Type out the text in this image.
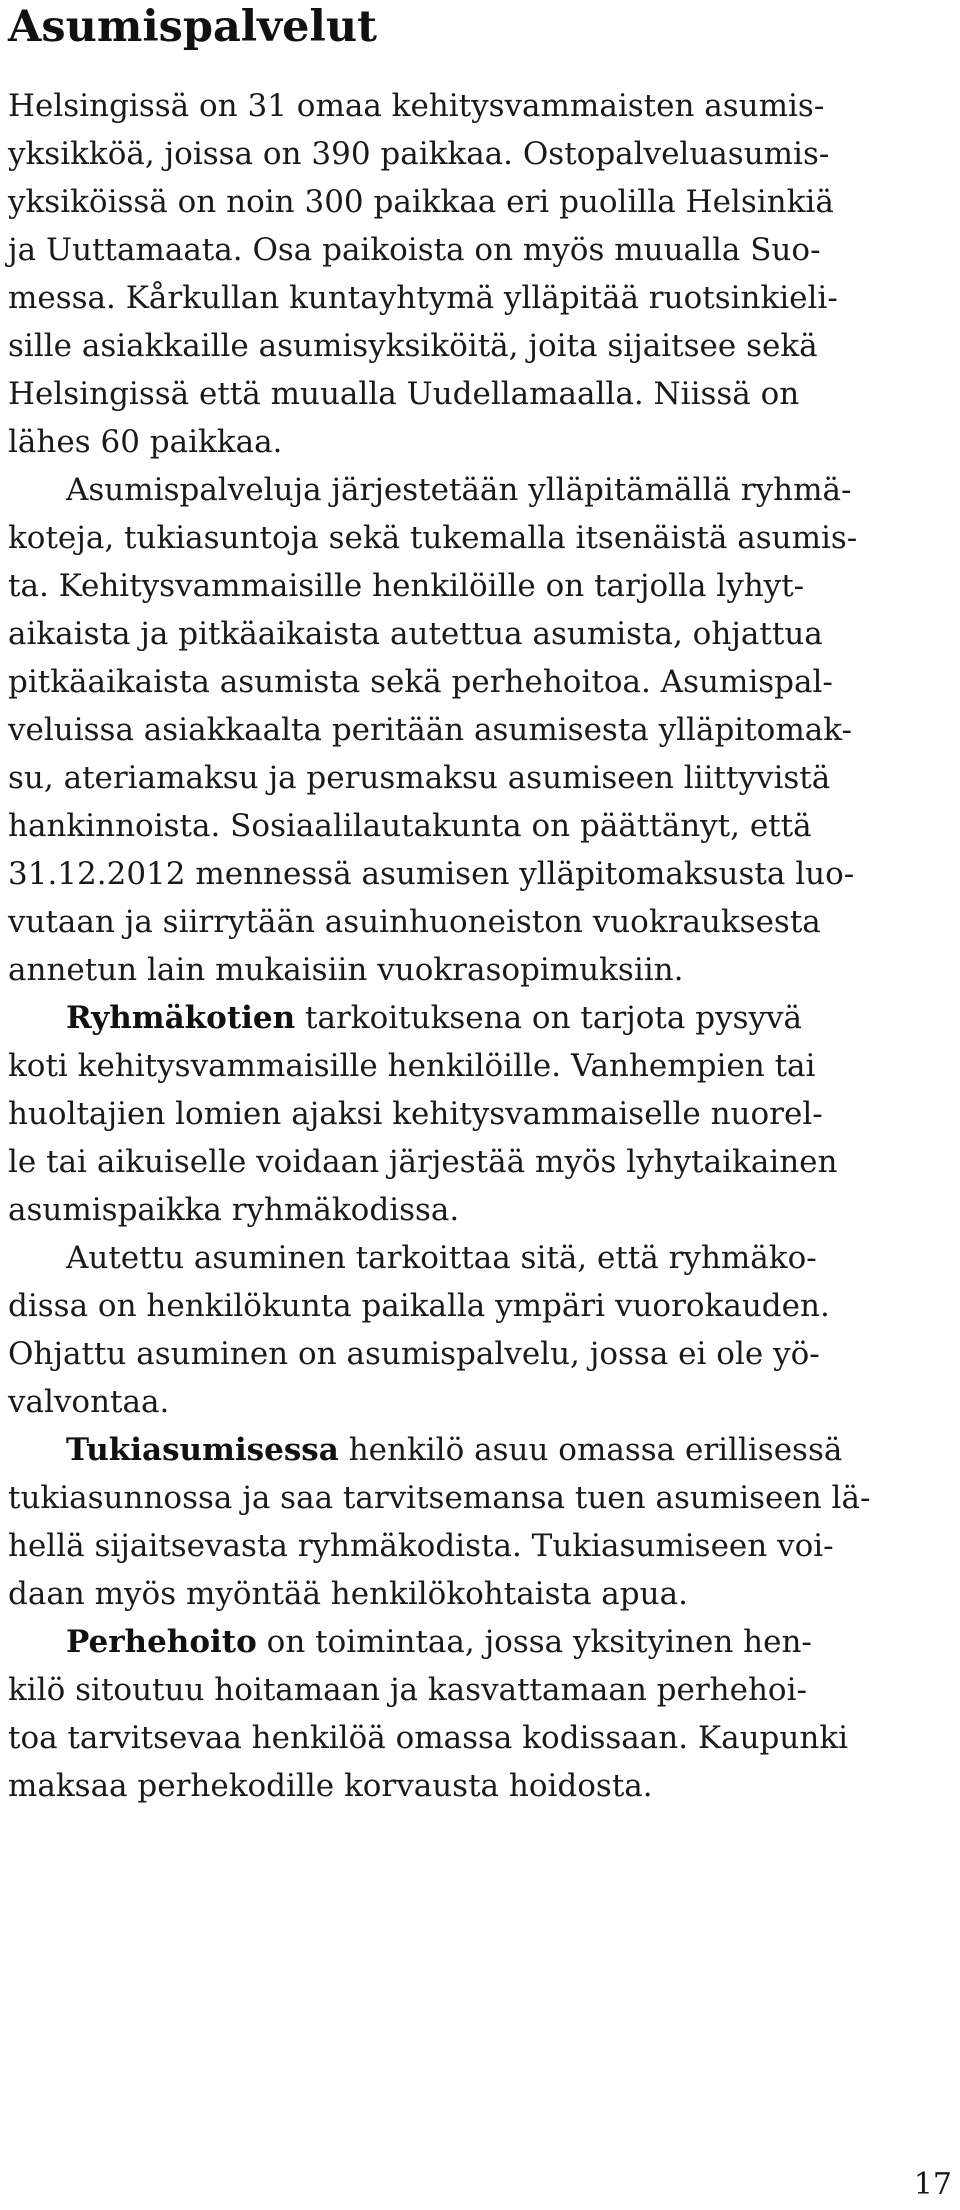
Asumispalvelut
Helsingissä on 31 omaa kehitysvammaisten asumis-
yksikköä, joissa on 390 paikkaa. Ostopalveluasumis-
yksiköissä on noin 300 paikkaa eri puolilla Helsinkiä
ja Uuttamaata. Osa paikoista on myös muualla Suo-
messa. Kårkullan kuntayhtymä ylläpitää ruotsinkieli-
sille asiakkaille asumisyksiköitä, joita sijaitsee sekä
Helsingissä että muualla Uudellamaalla. Niissä on
lähes 60 paikkaa.
Asumispalveluja järjestetään ylläpitämällä ryhmä-
koteja, tukiasuntoja sekä tukemalla itsenäistä asumis-
ta. Kehitysvammaisille henkilöille on tarjolla lyhyt-
aikaista ja pitkäaikaista autettua asumista, ohjattua
pitkäaikaista asumista sekä perhehoitoa. Asumispal-
veluissa asiakkaalta peritään asumisesta ylläpitomak-
su, ateriamaksu ja perusmaksu asumiseen liittyvistä
hankinnoista. Sosiaalilautakunta on päättänyt, että
31.12.2012 mennessä asumisen ylläpitomaksusta luo-
vutaan ja siirrytään asuinhuoneiston vuokrauksesta
annetun lain mukaisiin vuokrasopimuksiin.
Ryhmäkotien tarkoituksena on tarjota pysyvä
koti kehitysvammaisille henkilöille. Vanhempien tai
huoltajien lomien ajaksi kehitysvammaiselle nuorel-
le tai aikuiselle voidaan järjestää myös lyhytaikainen
asumispaikka ryhmäkodissa.
Autettu asuminen tarkoittaa sitä, että ryhmäko-
dissa on henkilökunta paikalla ympäri vuorokauden.
Ohjattu asuminen on asumispalvelu, jossa ei ole yö-
valvontaa.
Tukiasumisessa henkilö asuu omassa erillisessä
tukiasunnossa ja saa tarvitsemansa tuen asumiseen lä-
hellä sijaitsevasta ryhmäkodista. Tukiasumiseen voi-
daan myös myöntää henkilökohtaista apua.
Perhehoito on toimintaa, jossa yksityinen hen-
kilö sitoutuu hoitamaan ja kasvattamaan perhehoi-
toa tarvitsevaa henkilöä omassa kodissaan. Kaupunki
maksaa perhekodille korvausta hoidosta.
17
